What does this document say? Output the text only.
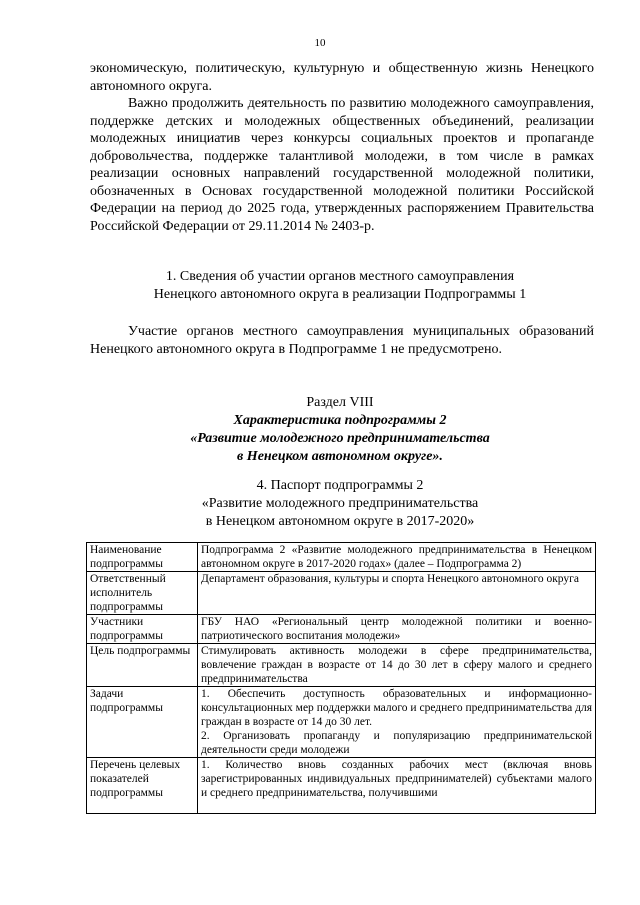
10

экономическую, политическую, культурную и общественную жизнь Ненецкого автономного округа.

Важно продолжить деятельность по развитию молодежного самоуправления, поддержке детских и молодежных общественных объединений, реализации молодежных инициатив через конкурсы социальных проектов и пропаганде добровольчества, поддержке талантливой молодежи, в том числе в рамках реализации основных направлений государственной молодежной политики, обозначенных в Основах государственной молодежной политики Российской Федерации на период до 2025 года, утвержденных распоряжением Правительства Российской Федерации от 29.11.2014 № 2403-р.

1. Сведения об участии органов местного самоуправления
Ненецкого автономного округа в реализации Подпрограммы 1

Участие органов местного самоуправления муниципальных образований Ненецкого автономного округа в Подпрограмме 1 не предусмотрено.

Раздел VIII
Характеристика подпрограммы 2
«Развитие молодежного предпринимательства
в Ненецком автономном округе».
4. Паспорт подпрограммы 2
«Развитие молодежного предпринимательства
в Ненецком автономном округе в 2017-2020»
Наименование подпрограммы	Подпрограмма 2 «Развитие молодежного предпринимательства в Ненецком автономном округе в 2017-2020 годах» (далее – Подпрограмма 2)
Ответственный исполнитель подпрограммы	Департамент образования, культуры и спорта Ненецкого автономного округа
Участники подпрограммы	ГБУ НАО «Региональный центр молодежной политики и военно-патриотического воспитания молодежи»
Цель подпрограммы	Стимулировать активность молодежи в сфере предпринимательства, вовлечение граждан в возрасте от 14 до 30 лет в сферу малого и среднего предпринимательства
Задачи подпрограммы	1. Обеспечить доступность образовательных и информационно-консультационных мер поддержки малого и среднего предпринимательства для граждан в возрасте от 14 до 30 лет.
2. Организовать пропаганду и популяризацию предпринимательской деятельности среди молодежи

Перечень целевых показателей подпрограммы	1. Количество вновь созданных рабочих мест (включая вновь зарегистрированных индивидуальных предпринимателей) субъектами малого и среднего предпринимательства, получившими
